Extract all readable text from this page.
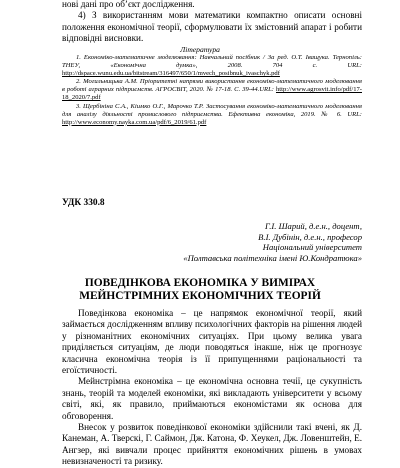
нові дані про об’єкт дослідження.

4) З використанням мови математики компактно описати основні положення економічної теорії, сформулювати їх змістовний апарат і робити відповідні висновки.

Література

1. Економіко-математичне моделювання: Навчальний посібник / За ред. О.Т. Іващука. Тернопіль: ТНЕУ, «Економічна думка», 2008. 704 с. URL: http://dspace.wunu.edu.ua/bitstream/316497/650/1/mvech_posibnuk_ivaschyk.pdf

2. Могильницька А.М. Пріоритетні напрями використання економіко-математичного моделювання в роботі аграрних підприємств. АГРОСВІТ, 2020. № 17-18. С. 39-44.URL: http://www.agrosvit.info/pdf/17-18_2020/7.pdf

3. Щербініна С.А., Кіимко О.Г., Марочко Т.Р. Застосування економіко-математичного моделювання для аналізу діяльності промислового підприємства. Ефективна економіка, 2019. № 6. URL: http://www.economy.nayka.com.ua/pdf/6_2019/61.pdf

УДК 330.8
Г.І. Шарий, д.е.н., доцент,
В.І. Дубінін, д.е.н., професор
Національний університет
«Полтавська політехніка імені Ю.Кондратюка»
ПОВЕДІНКОВА ЕКОНОМІКА У ВИМІРАХ
МЕЙНСТРІМНИХ ЕКОНОМІЧНИХ ТЕОРІЙ

Поведінкова економіка – це напрямок економічної теорії, який займається дослідженням впливу психологічних факторів на рішення людей у різноманітних економічних ситуаціях. При цьому велика увага приділяється ситуаціям, де люди поводяться інакше, ніж це прогнозує класична економічна теорія із її припущеннями раціональності та егоїстичності.

Мейнстрімна економіка – це економічна основна течії, це сукупність знань, теорій та моделей економіки, які викладають університети у всьому світі, які, як правило, приймаються економістами як основа для обговорення.

Внесок у розвиток поведінкової економіки здійснили такі вчені, як Д. Канеман, А. Тверскі, Г. Саймон, Дж. Катона, Ф. Хеукел, Дж. Ловенштейн, Е. Ангзер, які вивчали процес прийняття економічних рішень в умовах невизначеності та ризику.
